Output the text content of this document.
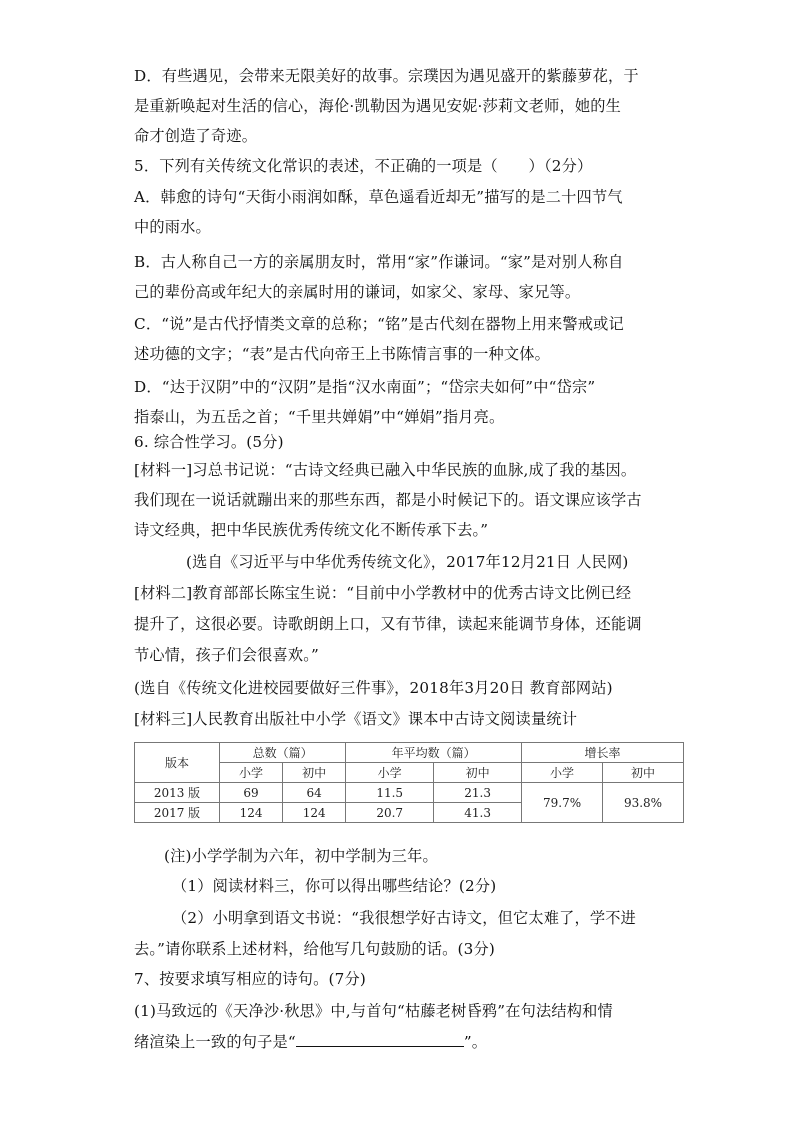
D．有些遇见，会带来无限美好的故事。宗璞因为遇见盛开的紫藤萝花，于
是重新唤起对生活的信心，海伦·凯勒因为遇见安妮·莎莉文老师，她的生
命才创造了奇迹。
5．下列有关传统文化常识的表述，不正确的一项是（　　）（2分）
A．韩愈的诗句“天街小雨润如酥，草色遥看近却无”描写的是二十四节气
中的雨水。
B．古人称自己一方的亲属朋友时，常用“家”作谦词。“家”是对别人称自
己的辈份高或年纪大的亲属时用的谦词，如家父、家母、家兄等。
C．“说”是古代抒情类文章的总称；“铭”是古代刻在器物上用来警戒或记
述功德的文字；“表”是古代向帝王上书陈情言事的一种文体。
D．“达于汉阴”中的“汉阴”是指“汉水南面”；“岱宗夫如何”中“岱宗”
指泰山，为五岳之首；“千里共婵娟”中“婵娟”指月亮。
6. 综合性学习。(5分)
[材料一]习总书记说：“古诗文经典已融入中华民族的血脉,成了我的基因。
我们现在一说话就蹦出来的那些东西，都是小时候记下的。语文课应该学古
诗文经典，把中华民族优秀传统文化不断传承下去。”
(选自《习近平与中华优秀传统文化》，2017年12月21日 人民网)
[材料二]教育部部长陈宝生说：“目前中小学教材中的优秀古诗文比例已经
提升了，这很必要。诗歌朗朗上口，又有节律，读起来能调节身体，还能调
节心情，孩子们会很喜欢。”
(选自《传统文化进校园要做好三件事》，2018年3月20日 教育部网站)
[材料三]人民教育出版社中小学《语文》课本中古诗文阅读量统计
版本	总数（篇）		年平均数（篇）		增长率	
	小学	初中	小学	初中	小学	初中
2013 版	69	64	11.5	21.3	79.7%	93.8%
2017 版	124	124	20.7	41.3		
(注)小学学制为六年，初中学制为三年。
（1）阅读材料三，你可以得出哪些结论？(2分)
（2）小明拿到语文书说：“我很想学好古诗文，但它太难了，学不进
去。”请你联系上述材料，给他写几句鼓励的话。(3分)
7、按要求填写相应的诗句。(7分)
(1)马致远的《天净沙·秋思》中,与首句“枯藤老树昏鸦”在句法结构和情
绪渲染上一致的句子是“	”。
